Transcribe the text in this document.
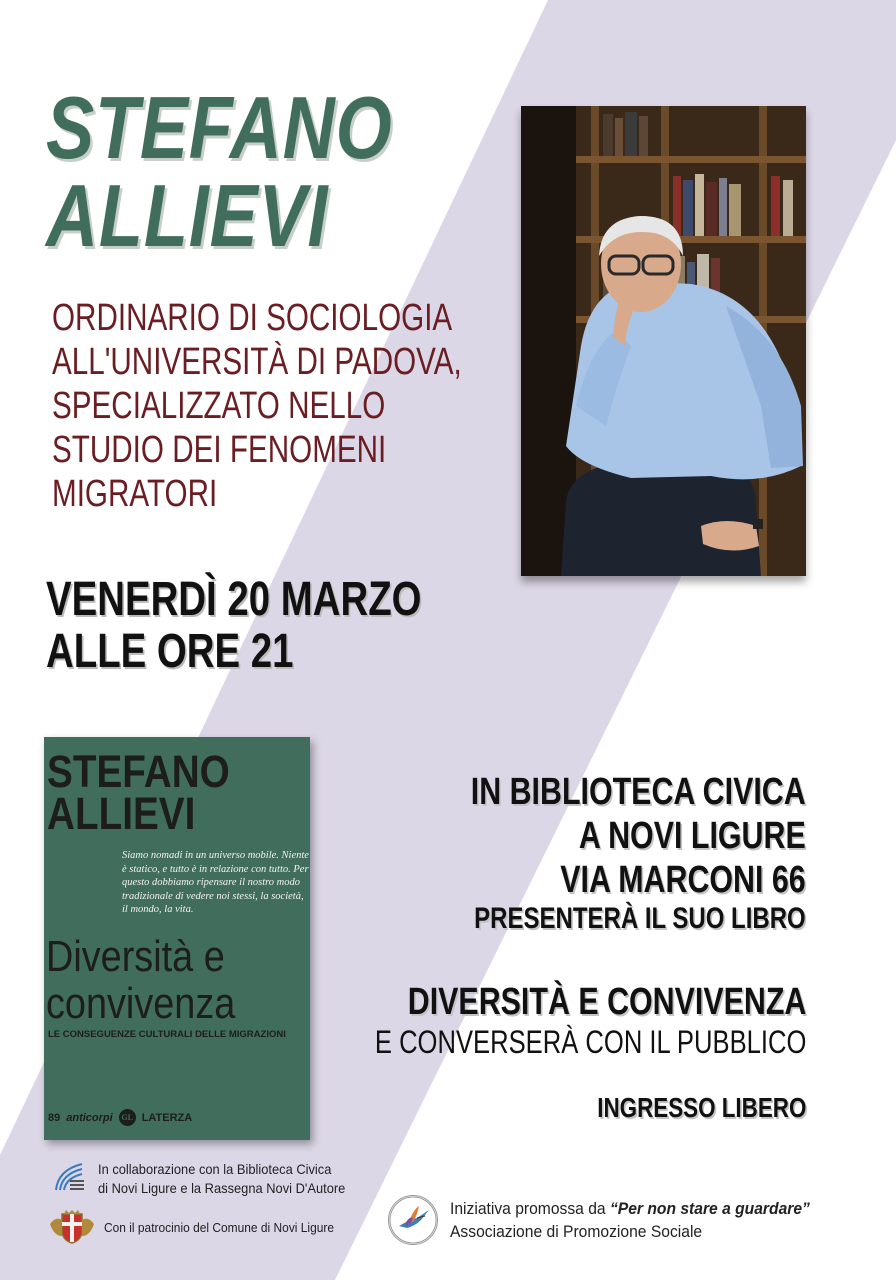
STEFANO
ALLIEVI
ORDINARIO DI SOCIOLOGIA
ALL'UNIVERSITÀ DI PADOVA,
SPECIALIZZATO NELLO
STUDIO DEI FENOMENI
MIGRATORI
VENERDÌ 20 MARZO
ALLE ORE 21
STEFANO
ALLIEVI
Siamo nomadi in un universo mobile. Niente è statico, e tutto è in relazione con tutto. Per questo dobbiamo ripensare il nostro modo tradizionale di vedere noi stessi, la società, il mondo, la vita.
Diversità e
convivenza
LE CONSEGUENZE CULTURALI DELLE MIGRAZIONI
89 anticorpi	GL LATERZA
IN BIBLIOTECA CIVICA
A NOVI LIGURE
VIA MARCONI 66
PRESENTERÀ IL SUO LIBRO
DIVERSITÀ E CONVIVENZA
E CONVERSERÀ CON IL PUBBLICO
INGRESSO LIBERO
In collaborazione con la Biblioteca Civica
di Novi Ligure e la Rassegna Novi D'Autore
Con il patrocinio del Comune di Novi Ligure
Iniziativa promossa da “Per non stare a guardare”
Associazione di Promozione Sociale
